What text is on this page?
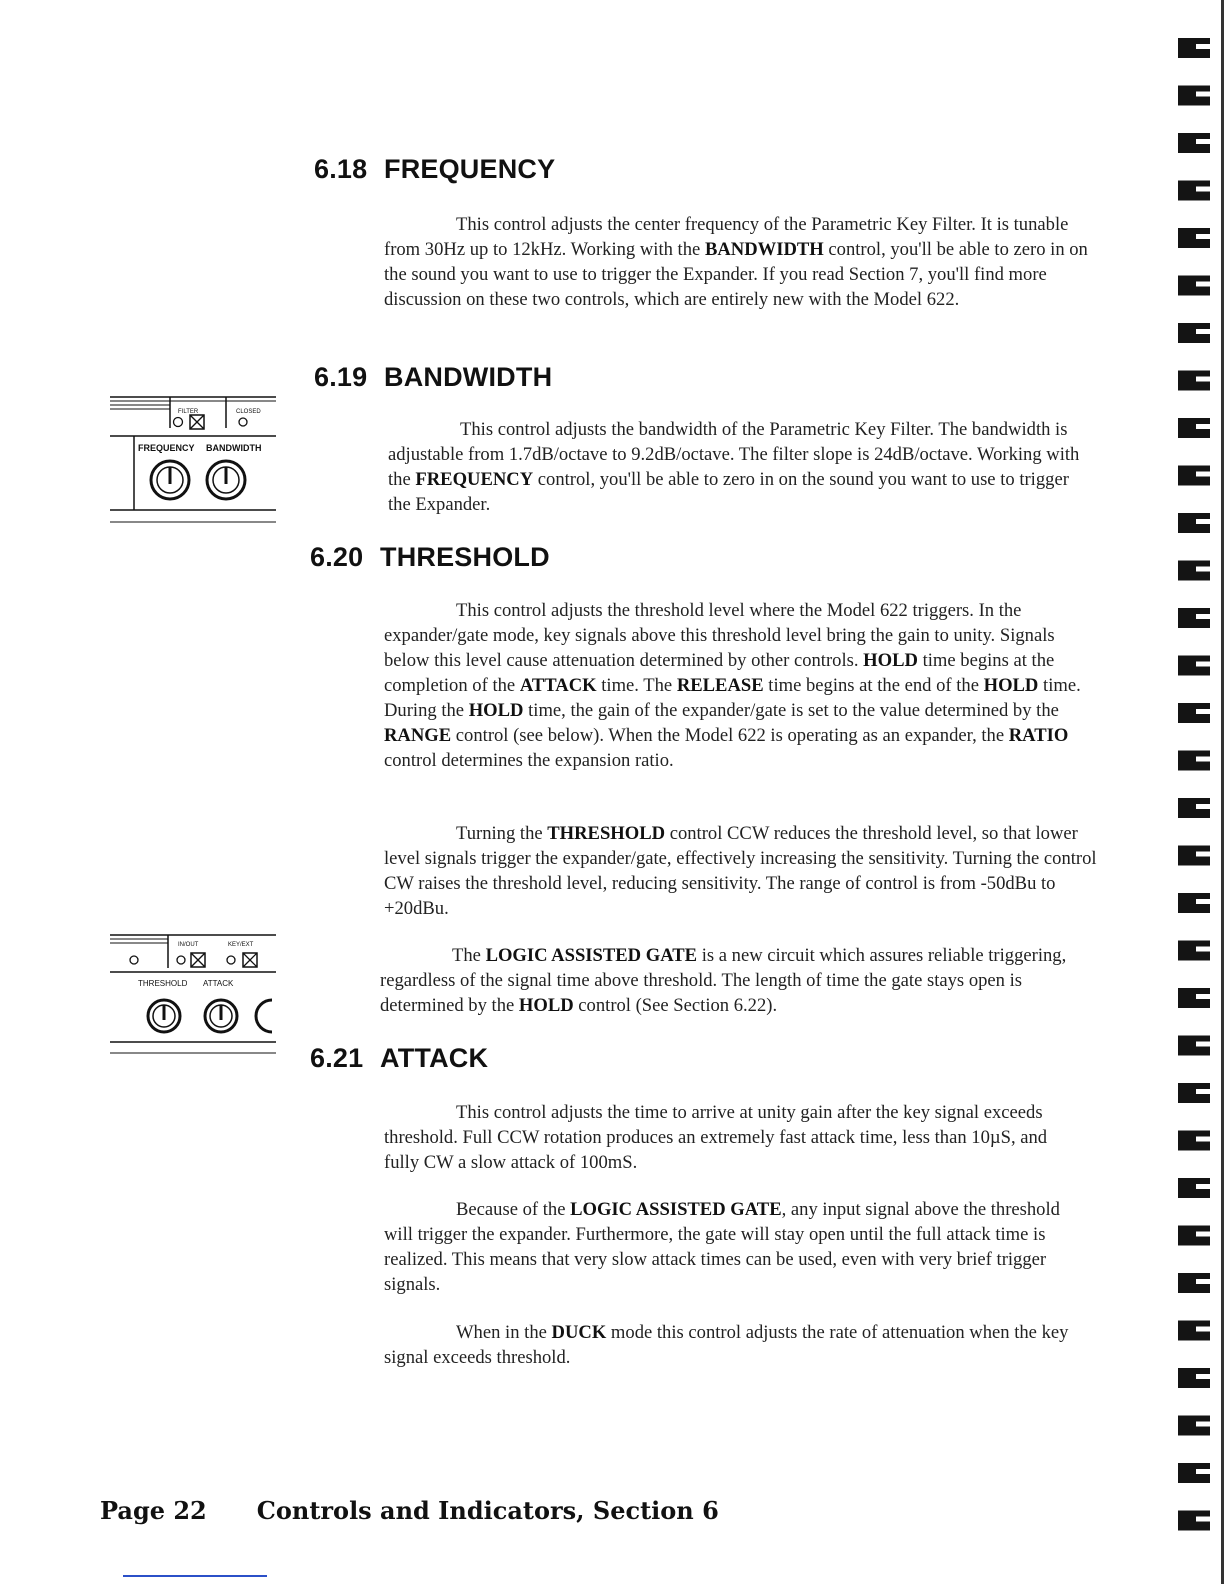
6.18 FREQUENCY

This control adjusts the center frequency of the Parametric Key Filter. It is tunable from 30Hz up to 12kHz. Working with the BANDWIDTH control, you'll be able to zero in on the sound you want to use to trigger the Expander. If you read Section 7, you'll find more discussion on these two controls, which are entirely new with the Model 622.

6.19 BANDWIDTH

This control adjusts the bandwidth of the Parametric Key Filter. The bandwidth is adjustable from 1.7dB/octave to 9.2dB/octave. The filter slope is 24dB/octave. Working with the FREQUENCY control, you'll be able to zero in on the sound you want to use to trigger the Expander.

6.20 THRESHOLD

This control adjusts the threshold level where the Model 622 triggers. In the expander/gate mode, key signals above this threshold level bring the gain to unity. Signals below this level cause attenuation determined by other controls. HOLD time begins at the completion of the ATTACK time. The RELEASE time begins at the end of the HOLD time. During the HOLD time, the gain of the expander/gate is set to the value determined by the RANGE control (see below). When the Model 622 is operating as an expander, the RATIO control determines the expansion ratio.

Turning the THRESHOLD control CCW reduces the threshold level, so that lower level signals trigger the expander/gate, effectively increasing the sensitivity. Turning the control CW raises the threshold level, reducing sensitivity. The range of control is from -50dBu to +20dBu.

The LOGIC ASSISTED GATE is a new circuit which assures reliable triggering, regardless of the signal time above threshold. The length of time the gate stays open is determined by the HOLD control (See Section 6.22).

6.21 ATTACK

This control adjusts the time to arrive at unity gain after the key signal exceeds threshold. Full CCW rotation produces an extremely fast attack time, less than 10µS, and fully CW a slow attack of 100mS.

Because of the LOGIC ASSISTED GATE, any input signal above the threshold will trigger the expander. Furthermore, the gate will stay open until the full attack time is realized. This means that very slow attack times can be used, even with very brief trigger signals.

When in the DUCK mode this control adjusts the rate of attenuation when the key signal exceeds threshold.

FILTER	CLOSED
FREQUENCY BANDWIDTH
IN/OUT	KEY/EXT
THRESHOLD ATTACK

Page 22 Controls and Indicators, Section 6
